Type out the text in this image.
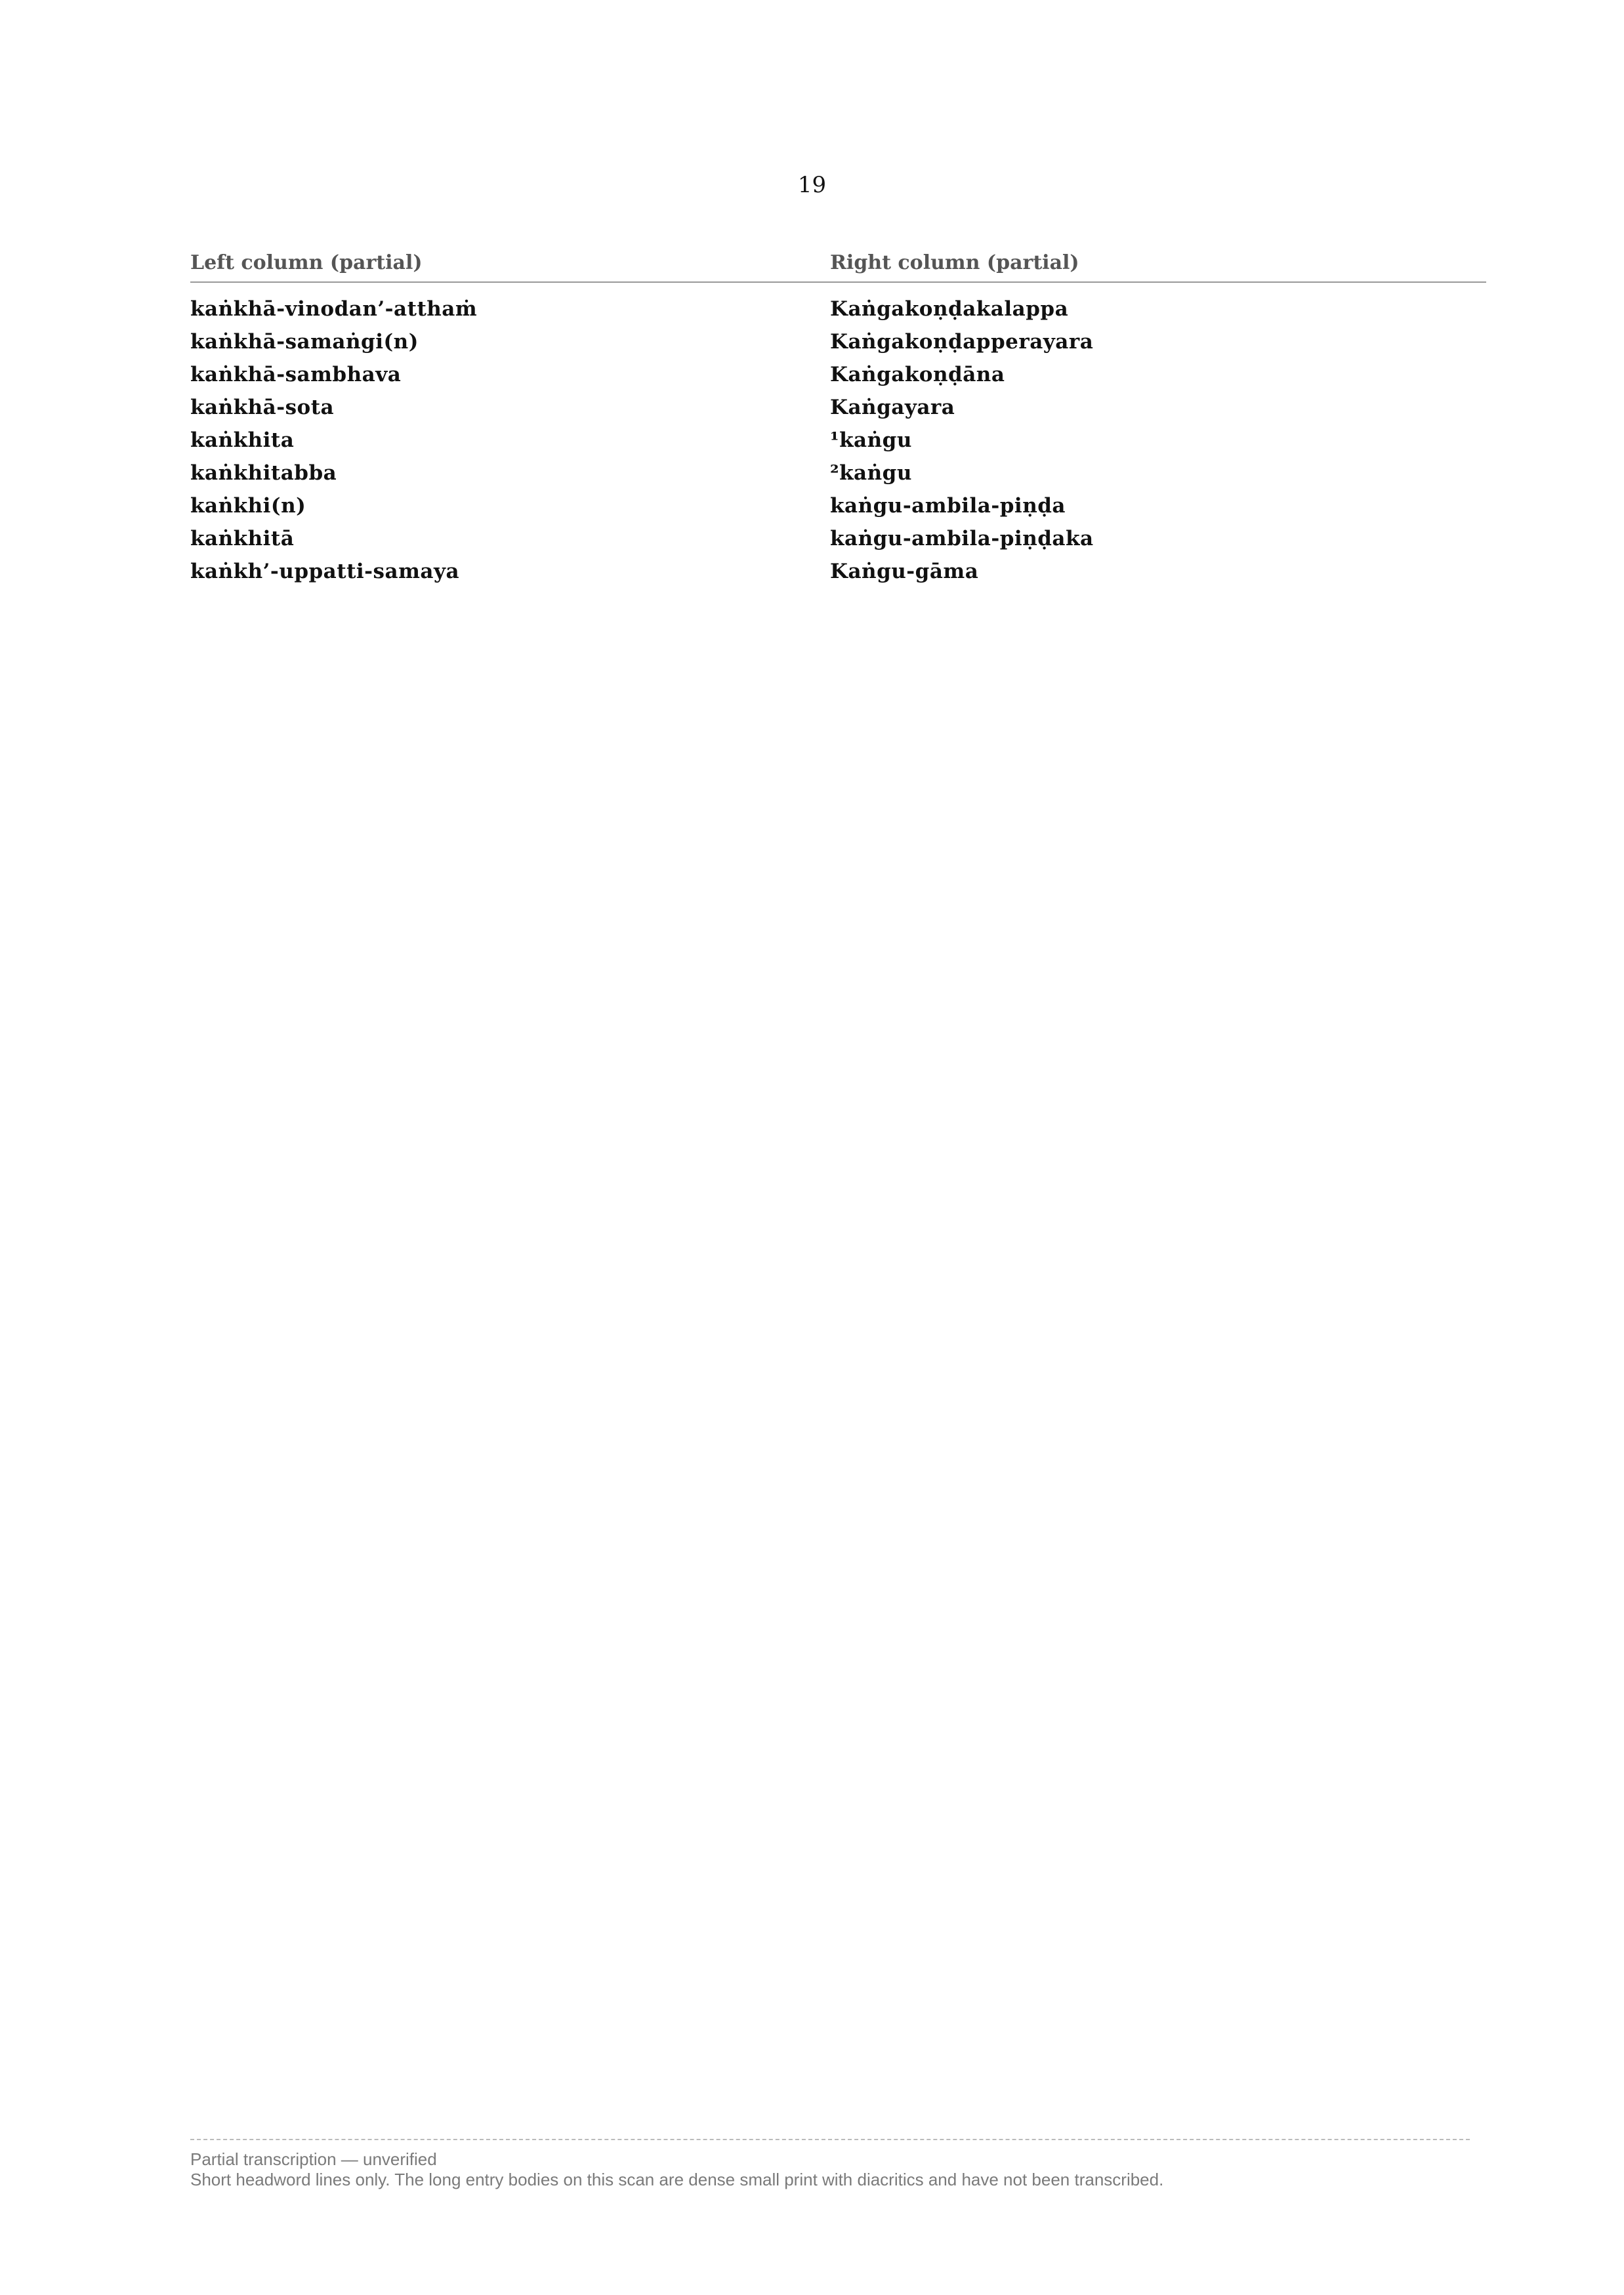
19
Left column (partial)

kaṅkhā-vinodan’-atthaṁ

kaṅkhā-samaṅgi(n)

kaṅkhā-sambhava

kaṅkhā-sota

kaṅkhita

kaṅkhitabba

kaṅkhi(n)

kaṅkhitā

kaṅkh’-uppatti-samaya

Right column (partial)

Kaṅgakoṇḍakalappa

Kaṅgakoṇḍapperayara

Kaṅgakoṇḍāna

Kaṅgayara

¹kaṅgu

²kaṅgu

kaṅgu-ambila-piṇḍa

kaṅgu-ambila-piṇḍaka

Kaṅgu-gāma

Partial transcription — unverified
Short headword lines only. The long entry bodies on this scan are dense small print with diacritics and have not been transcribed.
